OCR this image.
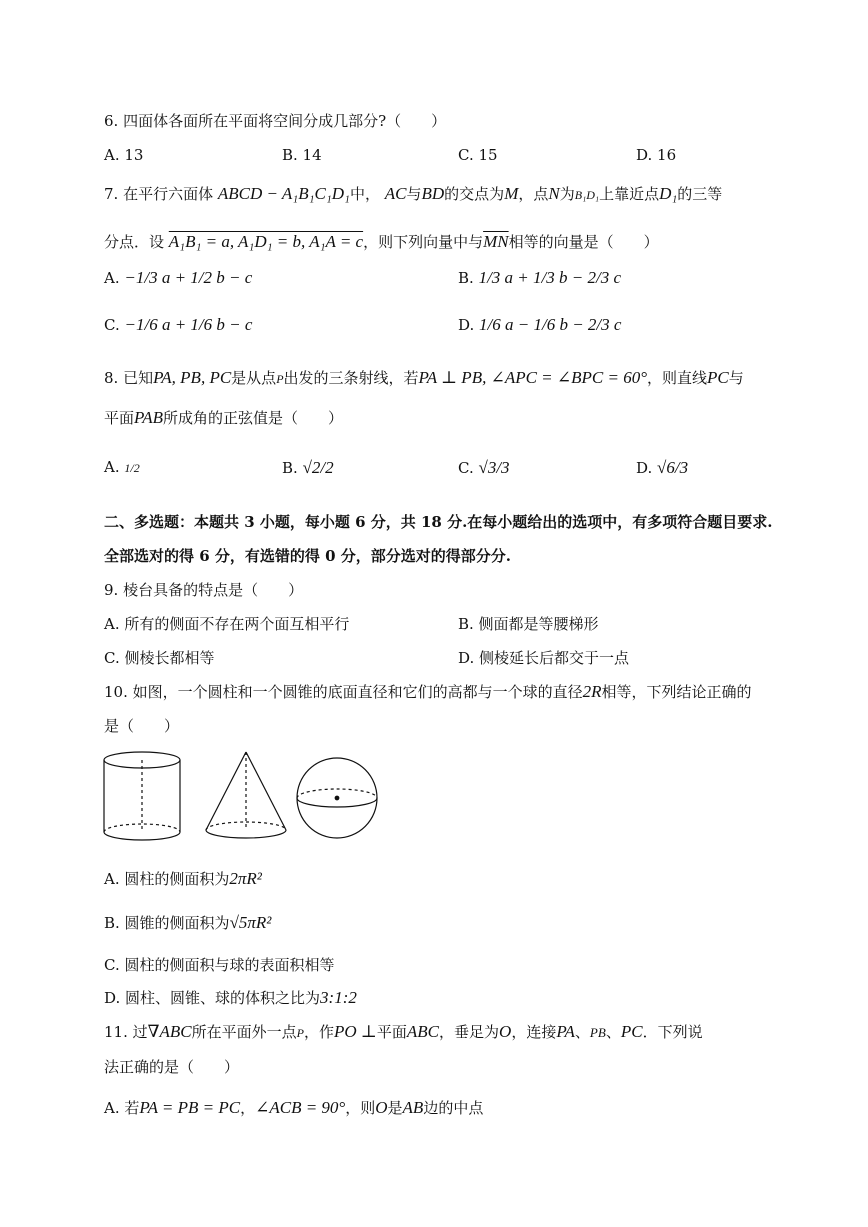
6. 四面体各面所在平面将空间分成几部分?（　　）
A. 13	B. 14	C. 15	D. 16
7. 在平行六面体 ABCD − A₁B₁C₁D₁中， AC与BD的交点为M，点N为B₁D₁上靠近点D₁的三等
分点．设 A₁B₁ = a, A₁D₁ = b, A₁A = c，则下列向量中与$\overline{MN}$相等的向量是（　　）
A. −1/3 a + 1/2 b − c	B. 1/3 a + 1/3 b − 2/3 c
C. −1/6 a + 1/6 b − c	D. 1/6 a − 1/6 b − 2/3 c
8. 已知PA, PB, PC是从点P出发的三条射线，若PA ⊥ PB, ∠APC = ∠BPC = 60°，则直线PC与
平面PAB所成角的正弦值是（　　）
A. 1/2	B. √2/2	C. √3/3	D. √6/3
二、多选题：本题共 3 小题，每小题 6 分，共 18 分.在每小题给出的选项中，有多项符合题目要求.
全部选对的得 6 分，有选错的得 0 分，部分选对的得部分分.
9. 棱台具备的特点是（　　）
A. 所有的侧面不存在两个面互相平行	B. 侧面都是等腰梯形
C. 侧棱长都相等	D. 侧棱延长后都交于一点
10. 如图，一个圆柱和一个圆锥的底面直径和它们的高都与一个球的直径2R相等，下列结论正确的
是（　　）
A. 圆柱的侧面积为2πR²
B. 圆锥的侧面积为√5πR²
C. 圆柱的侧面积与球的表面积相等
D. 圆柱、圆锥、球的体积之比为3:1:2
11. 过∇ABC所在平面外一点P，作PO ⊥平面ABC，垂足为O，连接PA、PB、PC．下列说
法正确的是（　　）
A. 若PA = PB = PC，∠ACB = 90°，则O是AB边的中点
